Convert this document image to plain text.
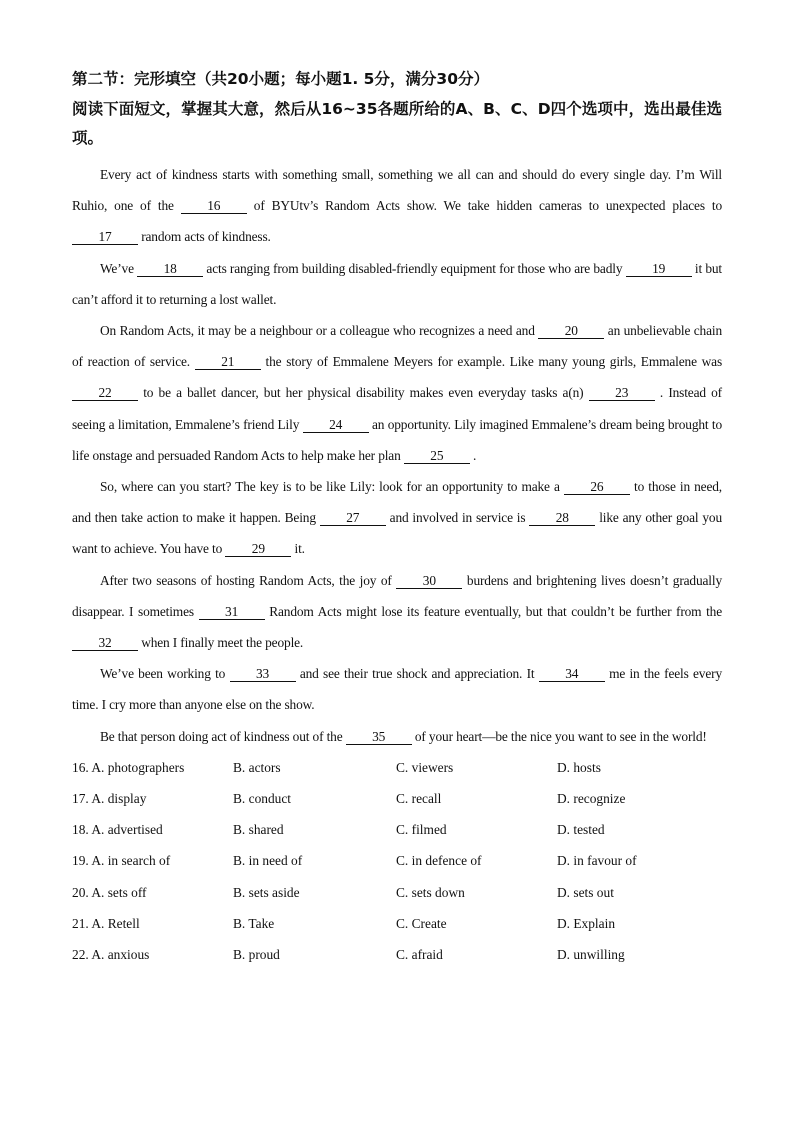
第二节：完形填空（共20小题；每小题1. 5分，满分30分）

阅读下面短文，掌握其大意，然后从16~35各题所给的A、B、C、D四个选项中，选出最佳选项。

Every act of kindness starts with something small, something we all can and should do every single day. I’m Will Ruhio, one of the 16 of BYUtv’s Random Acts show. We take hidden cameras to unexpected places to 17 random acts of kindness.

We’ve 18 acts ranging from building disabled-friendly equipment for those who are badly 19 it but can’t afford it to returning a lost wallet.

On Random Acts, it may be a neighbour or a colleague who recognizes a need and 20 an unbelievable chain of reaction of service. 21 the story of Emmalene Meyers for example. Like many young girls, Emmalene was 22 to be a ballet dancer, but her physical disability makes even everyday tasks a(n) 23 . Instead of seeing a limitation, Emmalene’s friend Lily 24 an opportunity. Lily imagined Emmalene’s dream being brought to life onstage and persuaded Random Acts to help make her plan 25 .

So, where can you start? The key is to be like Lily: look for an opportunity to make a 26 to those in need, and then take action to make it happen. Being 27 and involved in service is 28 like any other goal you want to achieve. You have to 29 it.

After two seasons of hosting Random Acts, the joy of 30 burdens and brightening lives doesn’t gradually disappear. I sometimes 31 Random Acts might lose its feature eventually, but that couldn’t be further from the 32 when I finally meet the people.

We’ve been working to 33 and see their true shock and appreciation. It 34 me in the feels every time. I cry more than anyone else on the show.

Be that person doing act of kindness out of the 35 of your heart—be the nice you want to see in the world!

16. A. photographers	B. actors	C. viewers	D. hosts
17. A. display	B. conduct	C. recall	D. recognize
18. A. advertised	B. shared	C. filmed	D. tested
19. A. in search of	B. in need of	C. in defence of	D. in favour of
20. A. sets off	B. sets aside	C. sets down	D. sets out
21. A. Retell	B. Take	C. Create	D. Explain
22. A. anxious	B. proud	C. afraid	D. unwilling
